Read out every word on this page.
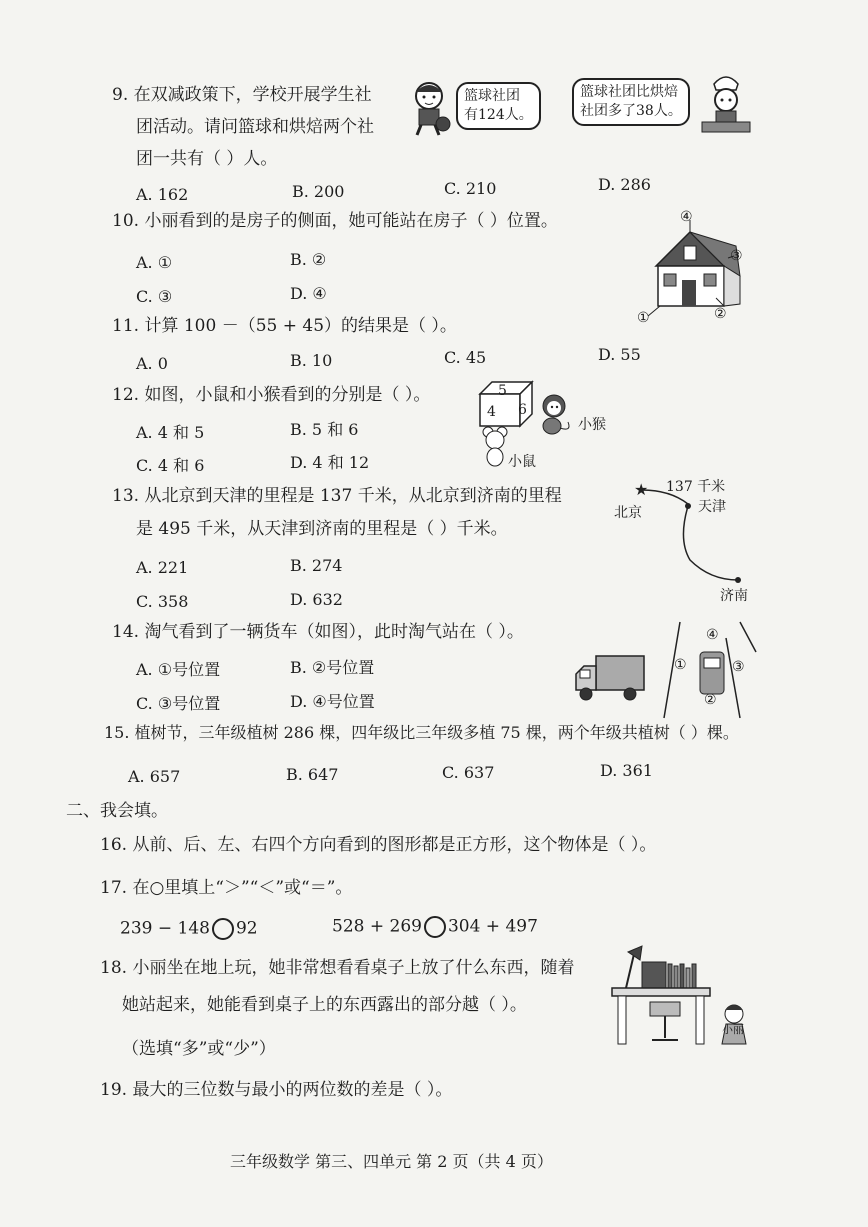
9. 在双减政策下，学校开展学生社
团活动。请问篮球和烘焙两个社
团一共有（ ）人。
篮球社团
有124人。
篮球社团比烘焙
社团多了38人。
A. 162	B. 200	C. 210	D. 286
10. 小丽看到的是房子的侧面，她可能站在房子（ ）位置。
A. ①	B. ②
C. ③	D. ④
④
③
①	②
11. 计算 100 －（55 + 45）的结果是（ ）。
A. 0	B. 10	C. 45	D. 55
12. 如图，小鼠和小猴看到的分别是（ ）。
A. 4 和 5	B. 5 和 6
C. 4 和 6	D. 4 和 12
5
4 6
小猴
小鼠
13. 从北京到天津的里程是 137 千米，从北京到济南的里程
是 495 千米，从天津到济南的里程是（ ）千米。
A. 221	B. 274
C. 358	D. 632
★ 137 千米
北京	天津
济南
14. 淘气看到了一辆货车（如图），此时淘气站在（ ）。
A. ①号位置	B. ②号位置
C. ③号位置	D. ④号位置
④
①	③
②
15. 植树节，三年级植树 286 棵，四年级比三年级多植 75 棵，两个年级共植树（ ）棵。
A. 657	B. 647	C. 637	D. 361
二、我会填。
16. 从前、后、左、右四个方向看到的图形都是正方形，这个物体是（ ）。
17. 在○里填上“＞”“＜”或“＝”。
239 − 148 92	528 + 269 304 + 497
18. 小丽坐在地上玩，她非常想看看桌子上放了什么东西，随着
她站起来，她能看到桌子上的东西露出的部分越（ ）。
（选填“多”或“少”）
小丽
19. 最大的三位数与最小的两位数的差是（ ）。
三年级数学 第三、四单元 第 2 页（共 4 页）
